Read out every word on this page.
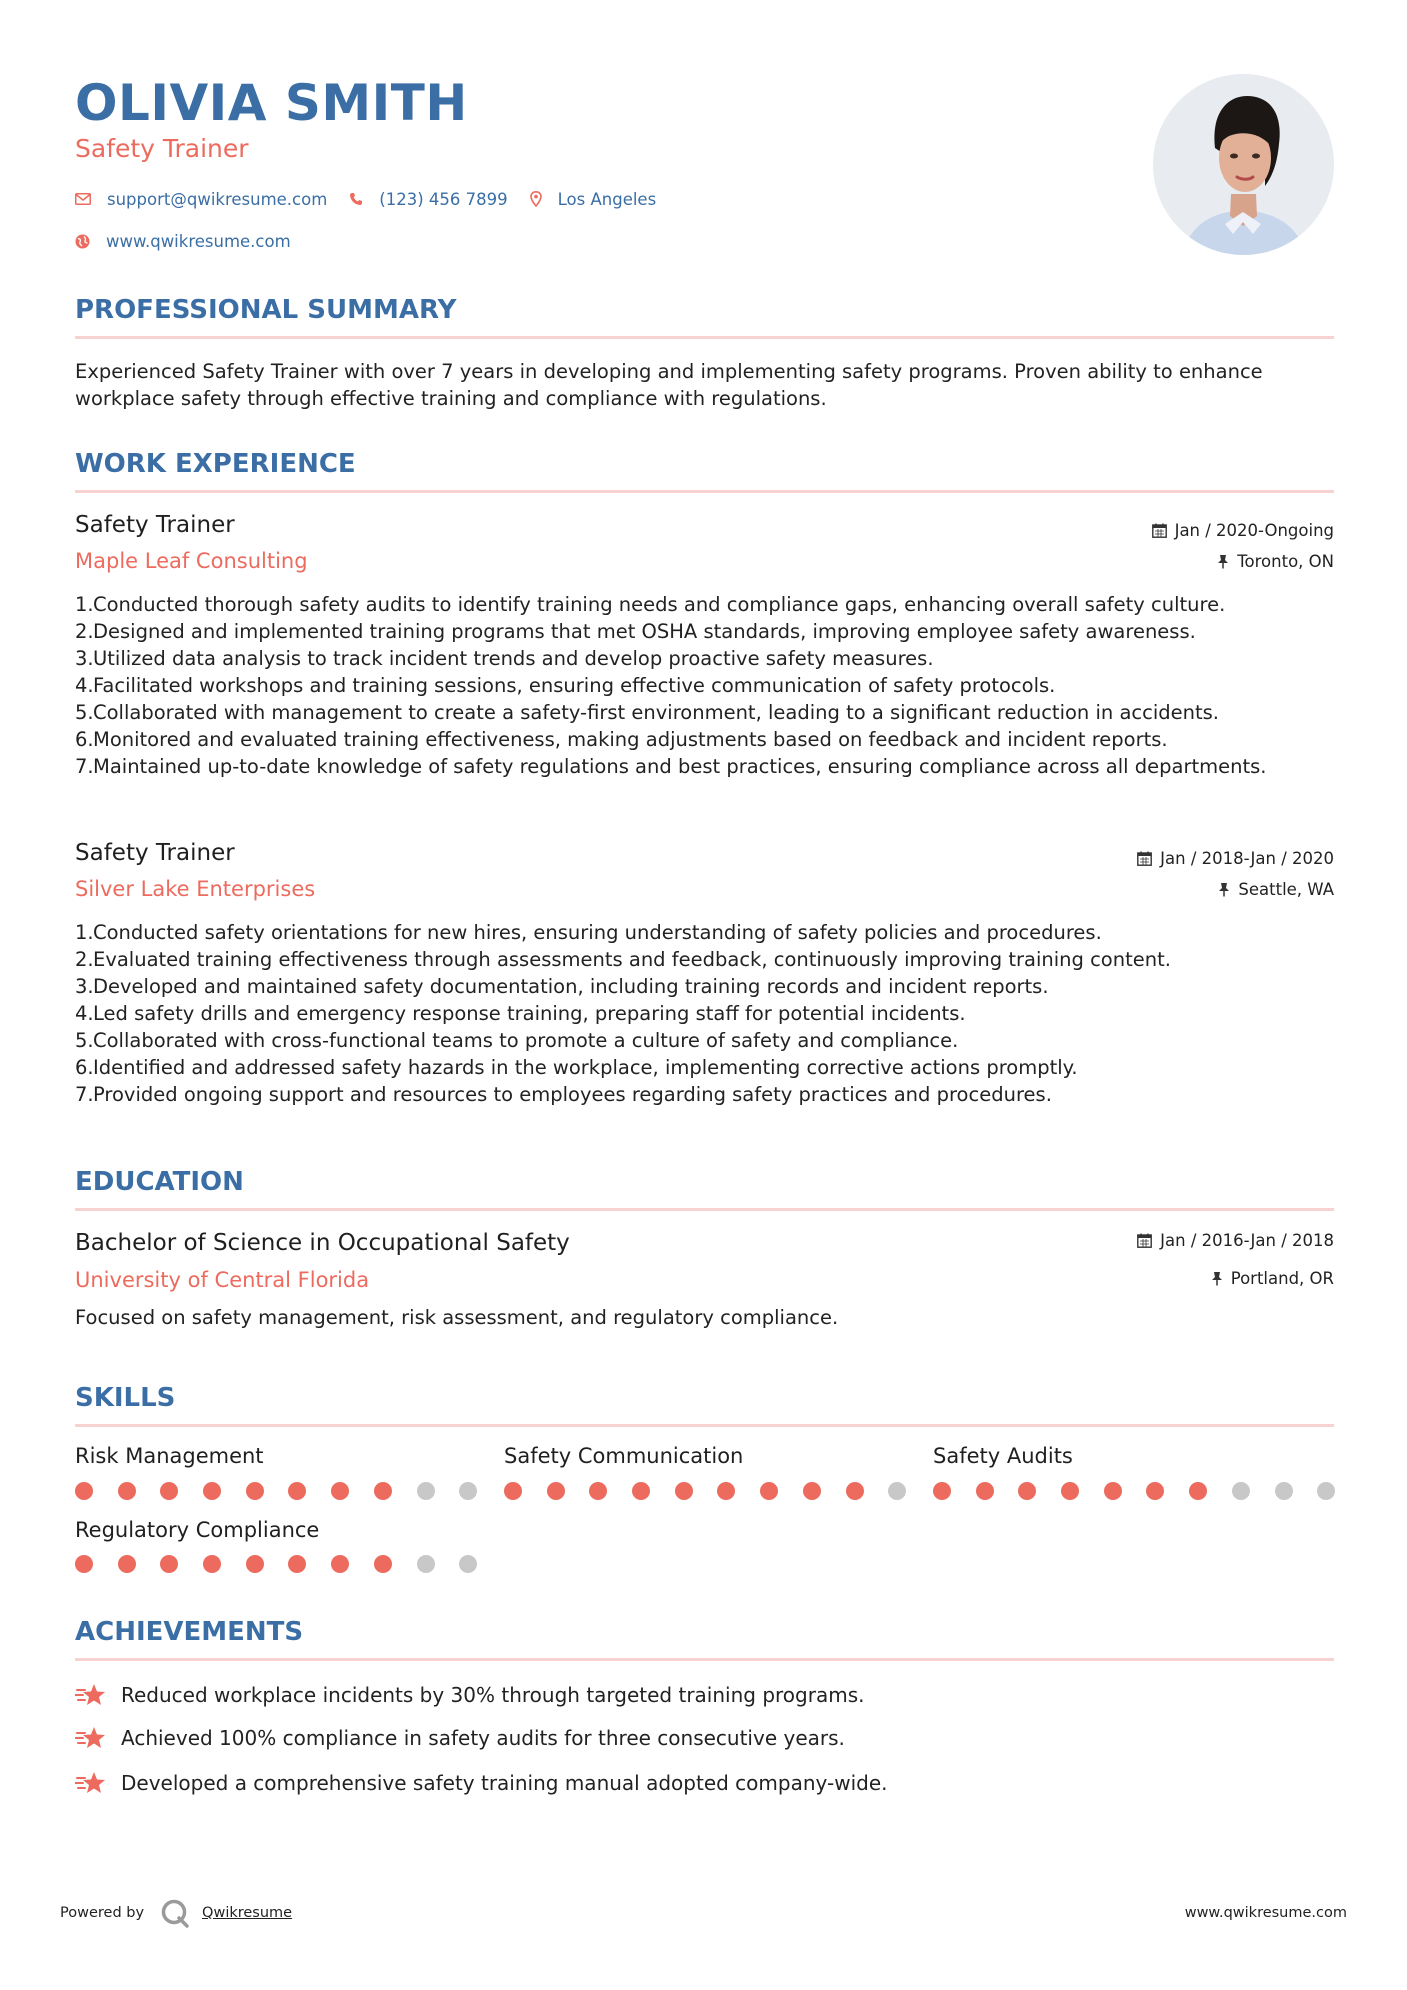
OLIVIA SMITH
Safety Trainer
support@qwikresume.com	(123) 456 7899	Los Angeles
www.qwikresume.com
PROFESSIONAL SUMMARY
Experienced Safety Trainer with over 7 years in developing and implementing safety programs. Proven ability to enhance workplace safety through effective training and compliance with regulations.
WORK EXPERIENCE
Safety Trainer
Maple Leaf Consulting
Jan / 2020-Ongoing
Toronto, ON
1. Conducted thorough safety audits to identify training needs and compliance gaps, enhancing overall safety culture.
2. Designed and implemented training programs that met OSHA standards, improving employee safety awareness.
3. Utilized data analysis to track incident trends and develop proactive safety measures.
4. Facilitated workshops and training sessions, ensuring effective communication of safety protocols.
5. Collaborated with management to create a safety-first environment, leading to a significant reduction in accidents.
6. Monitored and evaluated training effectiveness, making adjustments based on feedback and incident reports.
7. Maintained up-to-date knowledge of safety regulations and best practices, ensuring compliance across all departments.
Safety Trainer
Silver Lake Enterprises
Jan / 2018-Jan / 2020
Seattle, WA
1. Conducted safety orientations for new hires, ensuring understanding of safety policies and procedures.
2. Evaluated training effectiveness through assessments and feedback, continuously improving training content.
3. Developed and maintained safety documentation, including training records and incident reports.
4. Led safety drills and emergency response training, preparing staff for potential incidents.
5. Collaborated with cross-functional teams to promote a culture of safety and compliance.
6. Identified and addressed safety hazards in the workplace, implementing corrective actions promptly.
7. Provided ongoing support and resources to employees regarding safety practices and procedures.
EDUCATION
Bachelor of Science in Occupational Safety
University of Central Florida
Jan / 2016-Jan / 2018
Portland, OR
Focused on safety management, risk assessment, and regulatory compliance.
SKILLS
Risk Management	Safety Communication	Safety Audits
Regulatory Compliance
ACHIEVEMENTS
Reduced workplace incidents by 30% through targeted training programs.
Achieved 100% compliance in safety audits for three consecutive years.
Developed a comprehensive safety training manual adopted company-wide.
Powered by	Qwikresume	www.qwikresume.com
